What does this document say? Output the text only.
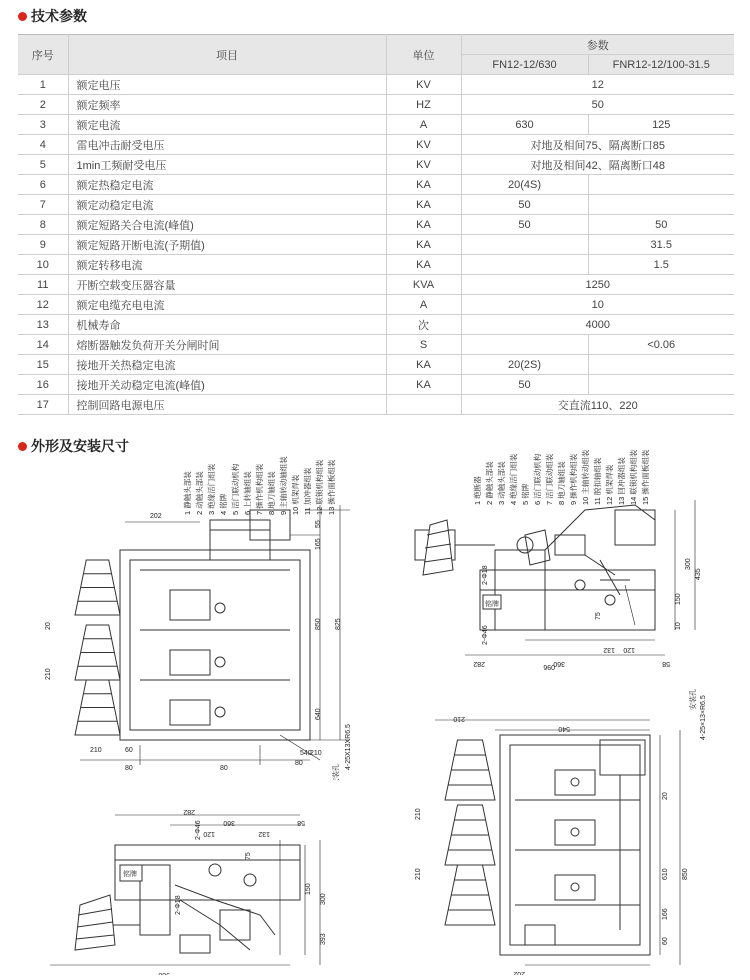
技术参数
序号	项目	单位	参数	
			FN12-12/630	FNR12-12/100-31.5
1	额定电压	KV	12	
2	额定频率	HZ	50	
3	额定电流	A	630	125
4	雷电冲击耐受电压	KV	对地及相间75、隔离断口85	
5	1min工频耐受电压	KV	对地及相间42、隔离断口48	
6	额定热稳定电流	KA	20(4S)	
7	额定动稳定电流	KA	50	
8	额定短路关合电流(峰值)	KA	50	50
9	额定短路开断电流(予期值)	KA		31.5
10	额定转移电流	KA		1.5
11	开断空载变压器容量	KVA	1250	
12	额定电缆充电电流	A	10	
13	机械寿命	次	4000	
14	熔断器触发负荷开关分闸时间	S		<0.06
15	接地开关热稳定电流	KA	20(2S)	
16	接地开关动稳定电流(峰值)	KA	50	
17	控制回路电源电压		交直流110、220	
外形及安装尺寸
202
55
165
825
850
640
20
210
210	60
80
80
540
210
80
安装孔
4-25X13XR6.5
1 静触头部装 2 动触头部装 3 绝缘活门组装 4 铭牌 5 活门联动机构 6 上转轴组装 7 操作机构组装 8 地刀轴组装 9 主轴转动轴组装 10 机架焊装 11 加冲器组装 12 联锁机构组装 13 操作面板组装
096
2-Φ18
2-Φ46
75
150
300
435
10
120
132
360	58
282
铭牌
1 绝断器 2 静触头部装 3 动触头部装 4 绝缘活门组装 5 铭牌 6 活门联动机构 7 活门联动组装 8 地刀轴组装 9 操作机构组装 10 主轴转动组装 11 脱扣轴组装 12 机架焊装 13 回冲器组装 14 联锁机构组装 15 操作面板组装
282
360	58
120	132
2-Φ46
75
150
300
393
2-Φ18
960
铭牌
210
540
安装孔 4-25×13×R6.5
210
210
20
610 850
60
166
202
